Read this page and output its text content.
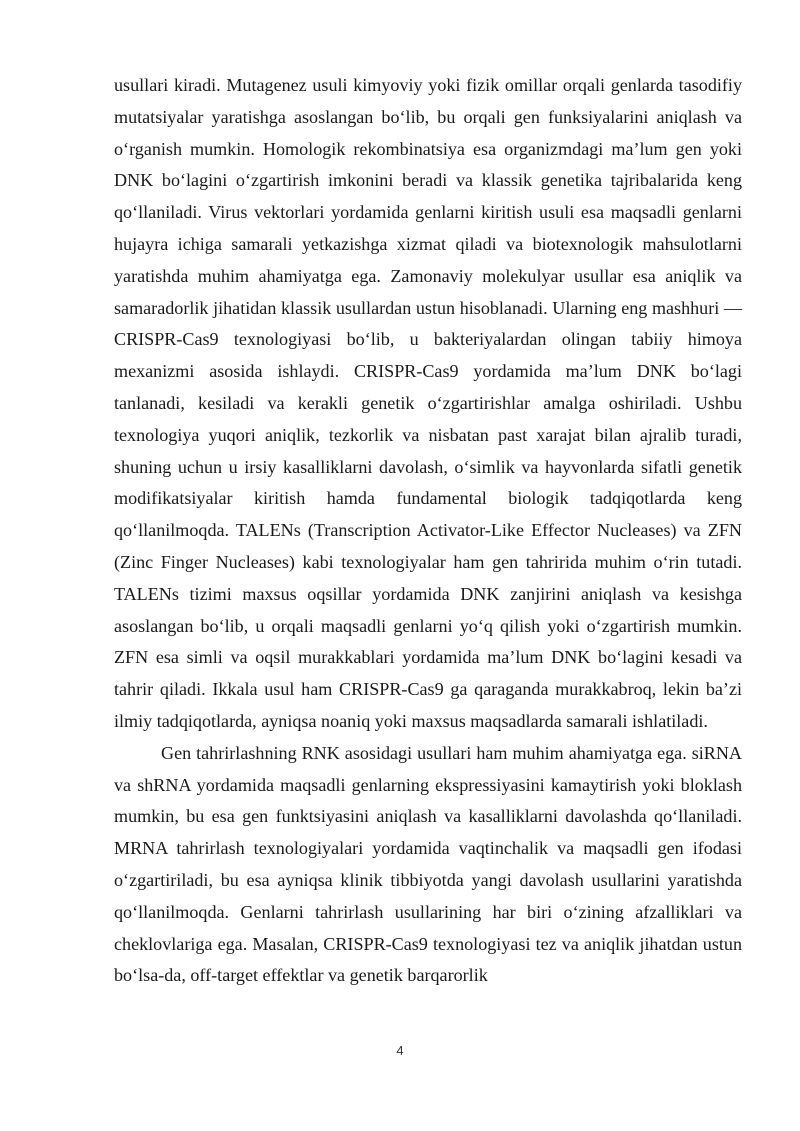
usullari kiradi. Mutagenez usuli kimyoviy yoki fizik omillar orqali genlarda tasodifiy mutatsiyalar yaratishga asoslangan bo‘lib, bu orqali gen funksiyalarini aniqlash va o‘rganish mumkin. Homologik rekombinatsiya esa organizmdagi ma’lum gen yoki DNK bo‘lagini o‘zgartirish imkonini beradi va klassik genetika tajribalarida keng qo‘llaniladi. Virus vektorlari yordamida genlarni kiritish usuli esa maqsadli genlarni hujayra ichiga samarali yetkazishga xizmat qiladi va biotexnologik mahsulotlarni yaratishda muhim ahamiyatga ega. Zamonaviy molekulyar usullar esa aniqlik va samaradorlik jihatidan klassik usullardan ustun hisoblanadi. Ularning eng mashhuri — CRISPR-Cas9 texnologiyasi bo‘lib, u bakteriyalardan olingan tabiiy himoya mexanizmi asosida ishlaydi. CRISPR-Cas9 yordamida ma’lum DNK bo‘lagi tanlanadi, kesiladi va kerakli genetik o‘zgartirishlar amalga oshiriladi. Ushbu texnologiya yuqori aniqlik, tezkorlik va nisbatan past xarajat bilan ajralib turadi, shuning uchun u irsiy kasalliklarni davolash, o‘simlik va hayvonlarda sifatli genetik modifikatsiyalar kiritish hamda fundamental biologik tadqiqotlarda keng qo‘llanilmoqda. TALENs (Transcription Activator-Like Effector Nucleases) va ZFN (Zinc Finger Nucleases) kabi texnologiyalar ham gen tahririda muhim o‘rin tutadi. TALENs tizimi maxsus oqsillar yordamida DNK zanjirini aniqlash va kesishga asoslangan bo‘lib, u orqali maqsadli genlarni yo‘q qilish yoki o‘zgartirish mumkin. ZFN esa simli va oqsil murakkablari yordamida ma’lum DNK bo‘lagini kesadi va tahrir qiladi. Ikkala usul ham CRISPR-Cas9 ga qaraganda murakkabroq, lekin ba’zi ilmiy tadqiqotlarda, ayniqsa noaniq yoki maxsus maqsadlarda samarali ishlatiladi.

Gen tahrirlashning RNK asosidagi usullari ham muhim ahamiyatga ega. siRNA va shRNA yordamida maqsadli genlarning ekspressiyasini kamaytirish yoki bloklash mumkin, bu esa gen funktsiyasini aniqlash va kasalliklarni davolashda qo‘llaniladi. MRNA tahrirlash texnologiyalari yordamida vaqtinchalik va maqsadli gen ifodasi o‘zgartiriladi, bu esa ayniqsa klinik tibbiyotda yangi davolash usullarini yaratishda qo‘llanilmoqda. Genlarni tahrirlash usullarining har biri o‘zining afzalliklari va cheklovlariga ega. Masalan, CRISPR-Cas9 texnologiyasi tez va aniqlik jihatdan ustun bo‘lsa-da, off-target effektlar va genetik barqarorlik

4
